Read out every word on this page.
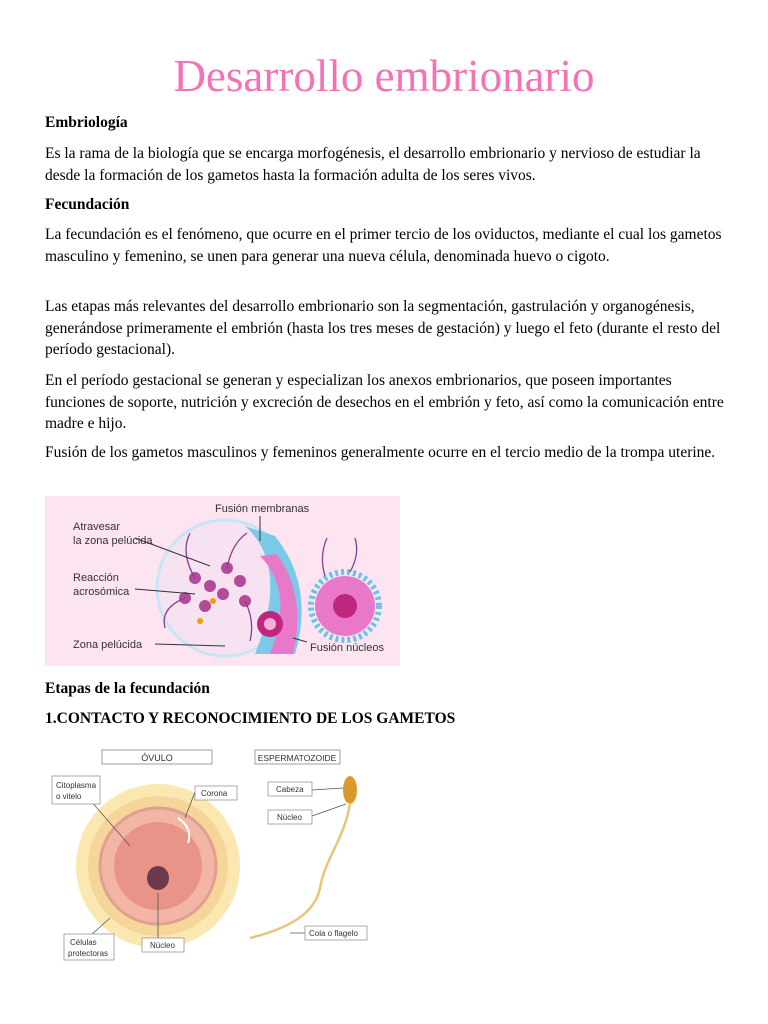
Desarrollo embrionario
Embriología
Es la rama de la biología que se encarga morfogénesis, el desarrollo embrionario y nervioso de estudiar la desde la formación de los gametos hasta la formación adulta de los seres vivos.
Fecundación
La fecundación es el fenómeno, que ocurre en el primer tercio de los oviductos, mediante el cual los gametos masculino y femenino, se unen para generar una nueva célula, denominada huevo o cigoto.
Las etapas más relevantes del desarrollo embrionario son la segmentación, gastrulación y organogénesis, generándose primeramente el embrión (hasta los tres meses de gestación) y luego el feto (durante el resto del período gestacional).
En el período gestacional se generan y especializan los anexos embrionarios, que poseen importantes funciones de soporte, nutrición y excreción de desechos en el embrión y feto, así como la comunicación entre madre e hijo.
Fusión de los gametos masculinos y femeninos generalmente ocurre en el tercio medio de la trompa uterine.
Atravesar
la zona pelúcida
Reacción
acrosómica
Zona pelúcida
Fusión membranas
Fusión núcleos
Etapas de la fecundación
1.CONTACTO Y RECONOCIMIENTO DE LOS GAMETOS
ÓVULO	ESPERMATOZOIDE
Citoplasma
o vitelo	Corona
Células
protectoras
Núcleo
Cabeza
Núcleo
Cola o flagelo
